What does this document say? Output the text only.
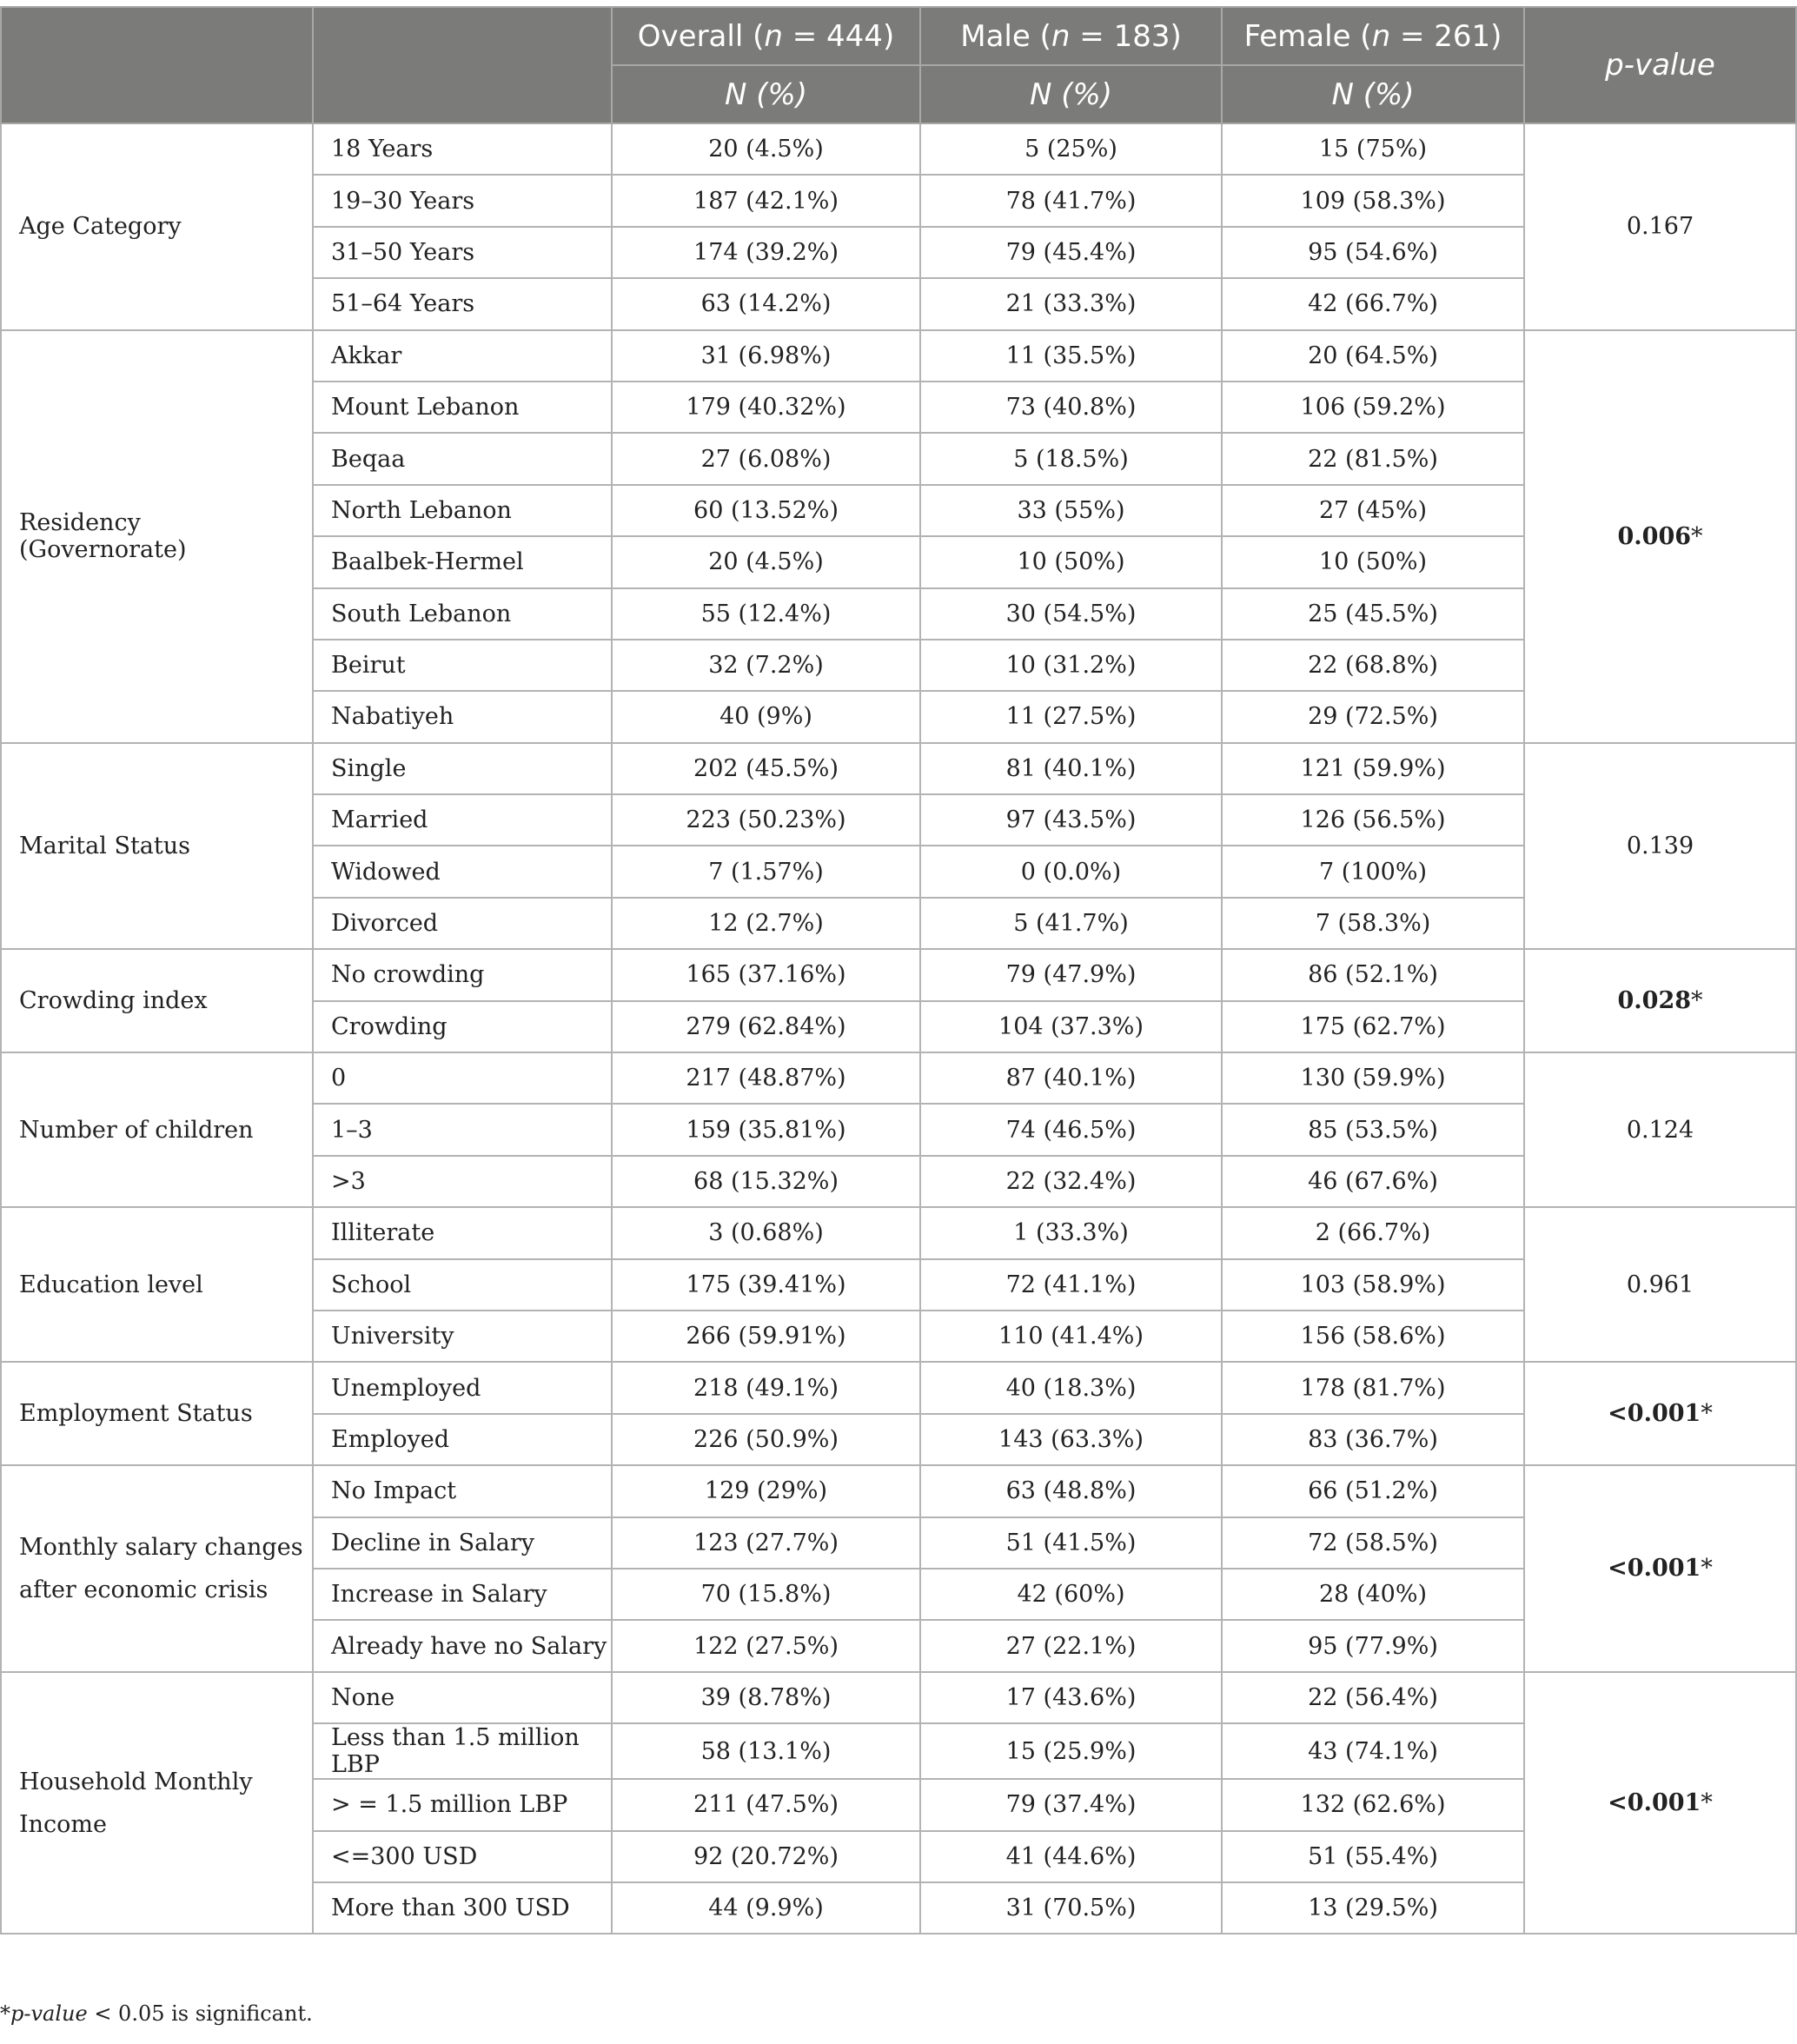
		Overall (n = 444)	Male (n = 183)	Female (n = 261)	p-value
		N (%)	N (%)	N (%)	
Age Category	18 Years	20 (4.5%)	5 (25%)	15 (75%)	0.167
	19–30 Years	187 (42.1%)	78 (41.7%)	109 (58.3%)	
	31–50 Years	174 (39.2%)	79 (45.4%)	95 (54.6%)	
	51–64 Years	63 (14.2%)	21 (33.3%)	42 (66.7%)	
Residency (Governorate)	Akkar	31 (6.98%)	11 (35.5%)	20 (64.5%)	0.006*
	Mount Lebanon	179 (40.32%)	73 (40.8%)	106 (59.2%)	
	Beqaa	27 (6.08%)	5 (18.5%)	22 (81.5%)	
	North Lebanon	60 (13.52%)	33 (55%)	27 (45%)	
	Baalbek-Hermel	20 (4.5%)	10 (50%)	10 (50%)	
	South Lebanon	55 (12.4%)	30 (54.5%)	25 (45.5%)	
	Beirut	32 (7.2%)	10 (31.2%)	22 (68.8%)	
	Nabatiyeh	40 (9%)	11 (27.5%)	29 (72.5%)	
Marital Status	Single	202 (45.5%)	81 (40.1%)	121 (59.9%)	0.139
	Married	223 (50.23%)	97 (43.5%)	126 (56.5%)	
	Widowed	7 (1.57%)	0 (0.0%)	7 (100%)	
	Divorced	12 (2.7%)	5 (41.7%)	7 (58.3%)	
Crowding index	No crowding	165 (37.16%)	79 (47.9%)	86 (52.1%)	0.028*
	Crowding	279 (62.84%)	104 (37.3%)	175 (62.7%)	
Number of children	0	217 (48.87%)	87 (40.1%)	130 (59.9%)	0.124
	1–3	159 (35.81%)	74 (46.5%)	85 (53.5%)	
	>3	68 (15.32%)	22 (32.4%)	46 (67.6%)	
Education level	Illiterate	3 (0.68%)	1 (33.3%)	2 (66.7%)	0.961
	School	175 (39.41%)	72 (41.1%)	103 (58.9%)	
	University	266 (59.91%)	110 (41.4%)	156 (58.6%)	
Employment Status	Unemployed	218 (49.1%)	40 (18.3%)	178 (81.7%)	<0.001*
	Employed	226 (50.9%)	143 (63.3%)	83 (36.7%)	

Monthly salary changes
after economic crisis	No Impact	129 (29%)	63 (48.8%)	66 (51.2%)	<0.001*
	Decline in Salary	123 (27.7%)	51 (41.5%)	72 (58.5%)	
	Increase in Salary	70 (15.8%)	42 (60%)	28 (40%)	
	Already have no Salary	122 (27.5%)	27 (22.1%)	95 (77.9%)	

Household Monthly
Income	None	39 (8.78%)	17 (43.6%)	22 (56.4%)	<0.001*
	Less than 1.5 million LBP	58 (13.1%)	15 (25.9%)	43 (74.1%)	
	> = 1.5 million LBP	211 (47.5%)	79 (37.4%)	132 (62.6%)	
	<=300 USD	92 (20.72%)	41 (44.6%)	51 (55.4%)	
	More than 300 USD	44 (9.9%)	31 (70.5%)	13 (29.5%)	
*p-value < 0.05 is significant.
